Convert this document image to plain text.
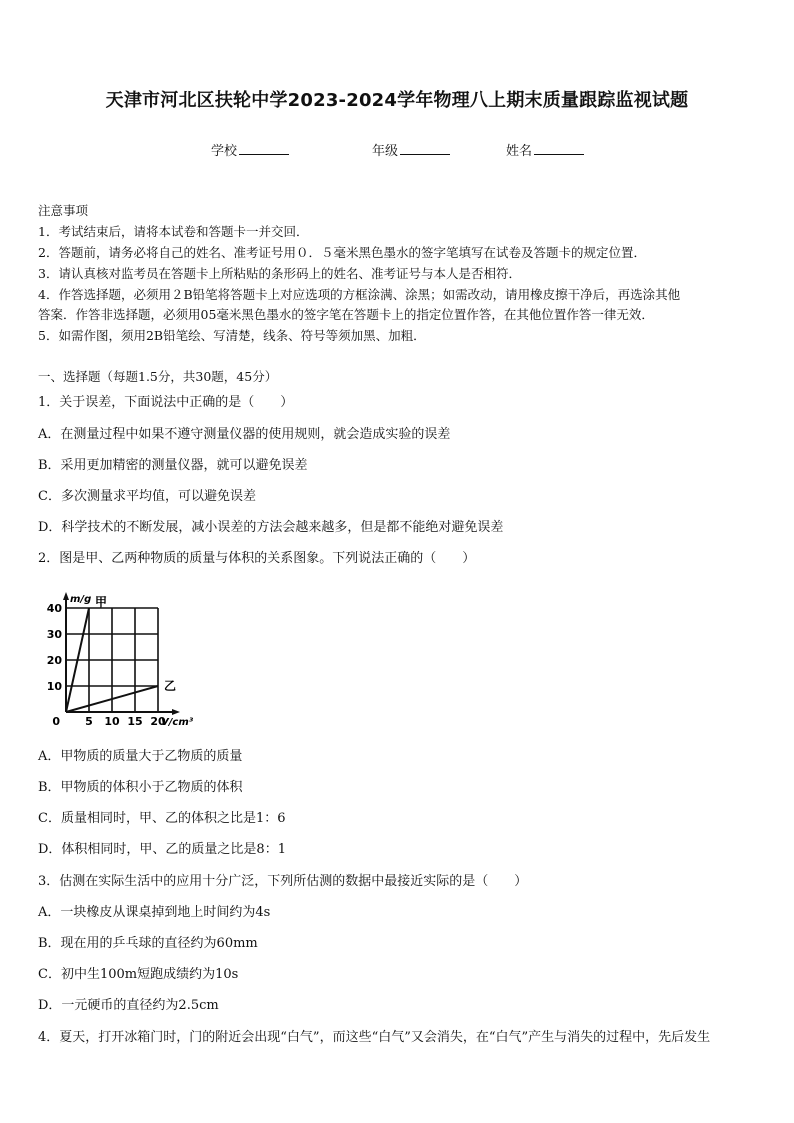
天津市河北区扶轮中学2023-2024学年物理八上期末质量跟踪监视试题
学校	年级	姓名
注意事项
1．考试结束后，请将本试卷和答题卡一并交回．
2．答题前，请务必将自己的姓名、准考证号用０．５毫米黑色墨水的签字笔填写在试卷及答题卡的规定位置．
3．请认真核对监考员在答题卡上所粘贴的条形码上的姓名、准考证号与本人是否相符．
4．作答选择题，必须用２B铅笔将答题卡上对应选项的方框涂满、涂黑；如需改动，请用橡皮擦干净后，再选涂其他
答案．作答非选择题，必须用05毫米黑色墨水的签字笔在答题卡上的指定位置作答，在其他位置作答一律无效．
5．如需作图，须用2B铅笔绘、写清楚，线条、符号等须加黑、加粗．
一、选择题（每题1.5分，共30题，45分）
1．关于误差，下面说法中正确的是（　　）
A．在测量过程中如果不遵守测量仪器的使用规则，就会造成实验的误差
B．采用更加精密的测量仪器，就可以避免误差
C．多次测量求平均值，可以避免误差
D．科学技术的不断发展，减小误差的方法会越来越多，但是都不能绝对避免误差
2．图是甲、乙两种物质的质量与体积的关系图象。下列说法正确的（　　）
5 10 15 20
10
20
30
40
0
m/g
V/cm³
甲
乙
A．甲物质的质量大于乙物质的质量
B．甲物质的体积小于乙物质的体积
C．质量相同时，甲、乙的体积之比是1：6
D．体积相同时，甲、乙的质量之比是8：1
3．估测在实际生活中的应用十分广泛，下列所估测的数据中最接近实际的是（　　）
A．一块橡皮从课桌掉到地上时间约为4s
B．现在用的乒乓球的直径约为60mm
C．初中生100m短跑成绩约为10s
D．一元硬币的直径约为2.5cm
4．夏天，打开冰箱门时，门的附近会出现“白气”，而这些“白气”又会消失，在“白气”产生与消失的过程中，先后发生
